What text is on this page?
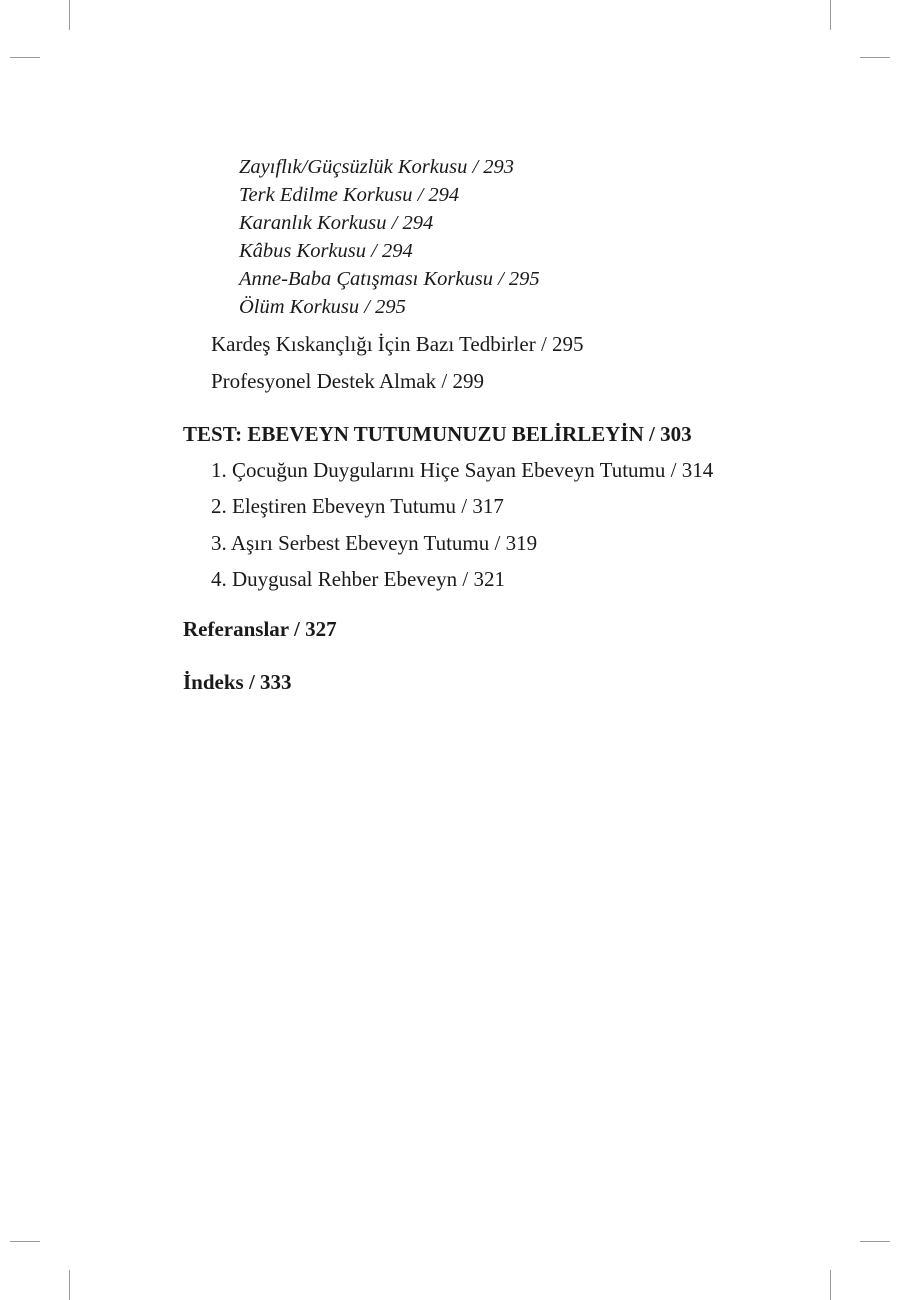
Zayıflık/Güçsüzlük Korkusu / 293
Terk Edilme Korkusu / 294
Karanlık Korkusu / 294
Kâbus Korkusu / 294
Anne-Baba Çatışması Korkusu / 295
Ölüm Korkusu / 295
Kardeş Kıskançlığı İçin Bazı Tedbirler / 295
Profesyonel Destek Almak / 299
TEST: EBEVEYN TUTUMUNUZU BELİRLEYİN / 303
1. Çocuğun Duygularını Hiçe Sayan Ebeveyn Tutumu / 314
2. Eleştiren Ebeveyn Tutumu / 317
3. Aşırı Serbest Ebeveyn Tutumu / 319
4. Duygusal Rehber Ebeveyn / 321
Referanslar / 327
İndeks / 333
